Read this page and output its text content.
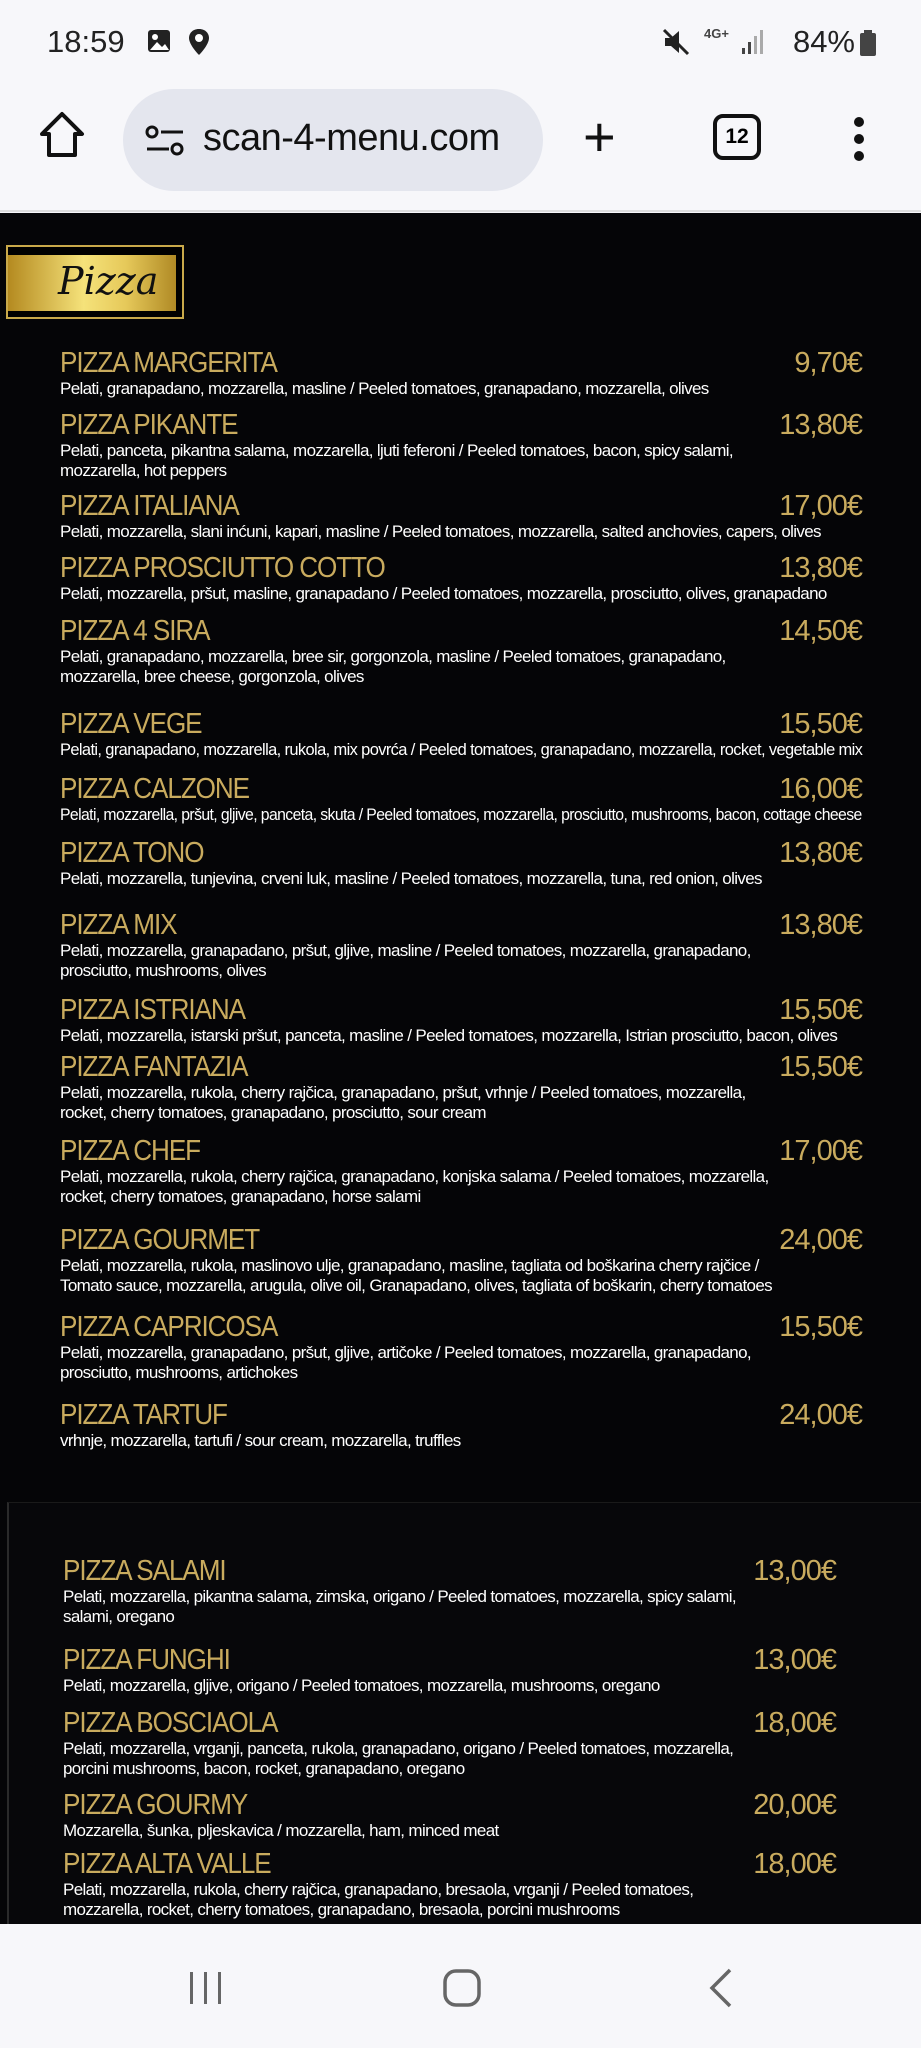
18:59	4G+ 84%
scan-4-menu.com +	12
Pizza
PIZZA MARGERITA	9,70€
Pelati, granapadano, mozzarella, masline / Peeled tomatoes, granapadano, mozzarella, olives
PIZZA PIKANTE	13,80€
Pelati, panceta, pikantna salama, mozzarella, ljuti feferoni / Peeled tomatoes, bacon, spicy salami,
mozzarella, hot peppers
PIZZA ITALIANA	17,00€
Pelati, mozzarella, slani inćuni, kapari, masline / Peeled tomatoes, mozzarella, salted anchovies, capers, olives
PIZZA PROSCIUTTO COTTO	13,80€
Pelati, mozzarella, pršut, masline, granapadano / Peeled tomatoes, mozzarella, prosciutto, olives, granapadano
PIZZA 4 SIRA	14,50€
Pelati, granapadano, mozzarella, bree sir, gorgonzola, masline / Peeled tomatoes, granapadano,
mozzarella, bree cheese, gorgonzola, olives
PIZZA VEGE	15,50€
Pelati, granapadano, mozzarella, rukola, mix povrća / Peeled tomatoes, granapadano, mozzarella, rocket, vegetable mix
PIZZA CALZONE	16,00€
Pelati, mozzarella, pršut, gljive, panceta, skuta / Peeled tomatoes, mozzarella, prosciutto, mushrooms, bacon, cottage cheese
PIZZA TONO	13,80€
Pelati, mozzarella, tunjevina, crveni luk, masline / Peeled tomatoes, mozzarella, tuna, red onion, olives
PIZZA MIX	13,80€
Pelati, mozzarella, granapadano, pršut, gljive, masline / Peeled tomatoes, mozzarella, granapadano,
prosciutto, mushrooms, olives
PIZZA ISTRIANA	15,50€
Pelati, mozzarella, istarski pršut, panceta, masline / Peeled tomatoes, mozzarella, Istrian prosciutto, bacon, olives
PIZZA FANTAZIA	15,50€
Pelati, mozzarella, rukola, cherry rajčica, granapadano, pršut, vrhnje / Peeled tomatoes, mozzarella,
rocket, cherry tomatoes, granapadano, prosciutto, sour cream
PIZZA CHEF	17,00€
Pelati, mozzarella, rukola, cherry rajčica, granapadano, konjska salama / Peeled tomatoes, mozzarella,
rocket, cherry tomatoes, granapadano, horse salami
PIZZA GOURMET	24,00€
Pelati, mozzarella, rukola, maslinovo ulje, granapadano, masline, tagliata od boškarina cherry rajčice /
Tomato sauce, mozzarella, arugula, olive oil, Granapadano, olives, tagliata of boškarin, cherry tomatoes
PIZZA CAPRICOSA	15,50€
Pelati, mozzarella, granapadano, pršut, gljive, artičoke / Peeled tomatoes, mozzarella, granapadano,
prosciutto, mushrooms, artichokes
PIZZA TARTUF	24,00€
vrhnje, mozzarella, tartufi / sour cream, mozzarella, truffles
PIZZA SALAMI	13,00€
Pelati, mozzarella, pikantna salama, zimska, origano / Peeled tomatoes, mozzarella, spicy salami,
salami, oregano
PIZZA FUNGHI	13,00€
Pelati, mozzarella, gljive, origano / Peeled tomatoes, mozzarella, mushrooms, oregano
PIZZA BOSCIAOLA	18,00€
Pelati, mozzarella, vrganji, panceta, rukola, granapadano, origano / Peeled tomatoes, mozzarella,
porcini mushrooms, bacon, rocket, granapadano, oregano
PIZZA GOURMY	20,00€
Mozzarella, šunka, pljeskavica / mozzarella, ham, minced meat
PIZZA ALTA VALLE	18,00€
Pelati, mozzarella, rukola, cherry rajčica, granapadano, bresaola, vrganji / Peeled tomatoes,
mozzarella, rocket, cherry tomatoes, granapadano, bresaola, porcini mushrooms
